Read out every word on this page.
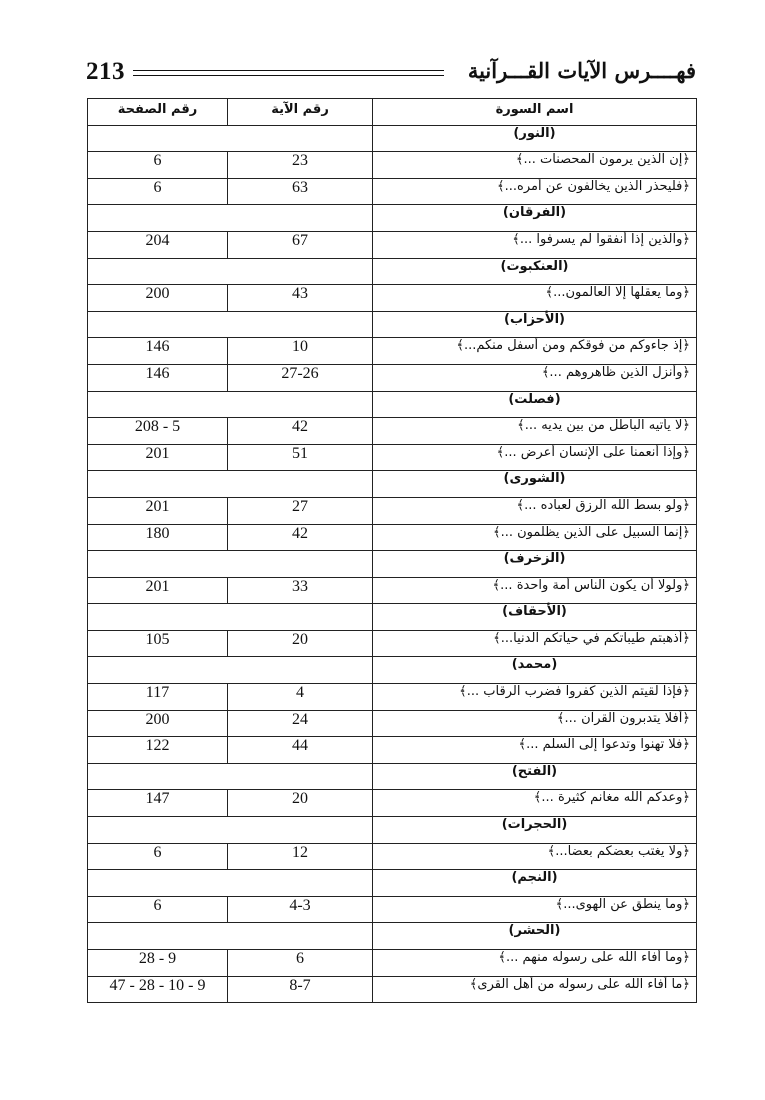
213	فهــــرس الآيات القـــرآنية
اسم السورة	رقم الآية	رقم الصفحة
(النور)		
﴿إن الذين يرمون المحصنات ...﴾	23	6
﴿فليحذر الذين يخالفون عن أمره...﴾	63	6
(الفرقان)		
﴿والذين إذا أنفقوا لم يسرفوا ...﴾	67	204
(العنكبوت)		
﴿وما يعقلها إلا العالمون...﴾	43	200
(الأحزاب)		
﴿إذ جاءوكم من فوقكم ومن أسفل منكم...﴾	10	146
﴿وأنزل الذين ظاهروهم ...﴾	27-26	146
(فصلت)		
﴿لا يأتيه الباطل من بين يديه ...﴾	42	208 - 5
﴿وإذا أنعمنا على الإنسان أعرض ...﴾	51	201
(الشورى)		
﴿ولو بسط الله الرزق لعباده ...﴾	27	201
﴿إنما السبيل على الذين يظلمون ...﴾	42	180
(الزخرف)		
﴿ولولا أن يكون الناس أمة واحدة ...﴾	33	201
(الأحقاف)		
﴿أذهبتم طيباتكم في حياتكم الدنيا...﴾	20	105
(محمد)		
﴿فإذا لقيتم الذين كفروا فضرب الرقاب ...﴾	4	117
﴿أفلا يتدبرون القرآن ...﴾	24	200
﴿فلا تهنوا وتدعوا إلى السلم ...﴾	44	122
(الفتح)		
﴿وعدكم الله مغانم كثيرة ...﴾	20	147
(الحجرات)		
﴿ولا يغتب بعضكم بعضا...﴾	12	6
(النجم)		
﴿وما ينطق عن الهوى...﴾	4-3	6
(الحشر)		
﴿وما أفاء الله على رسوله منهم ...﴾	6	28 - 9
﴿ما أفاء الله على رسوله من أهل القرى﴾	8-7	47 - 28 - 10 - 9
